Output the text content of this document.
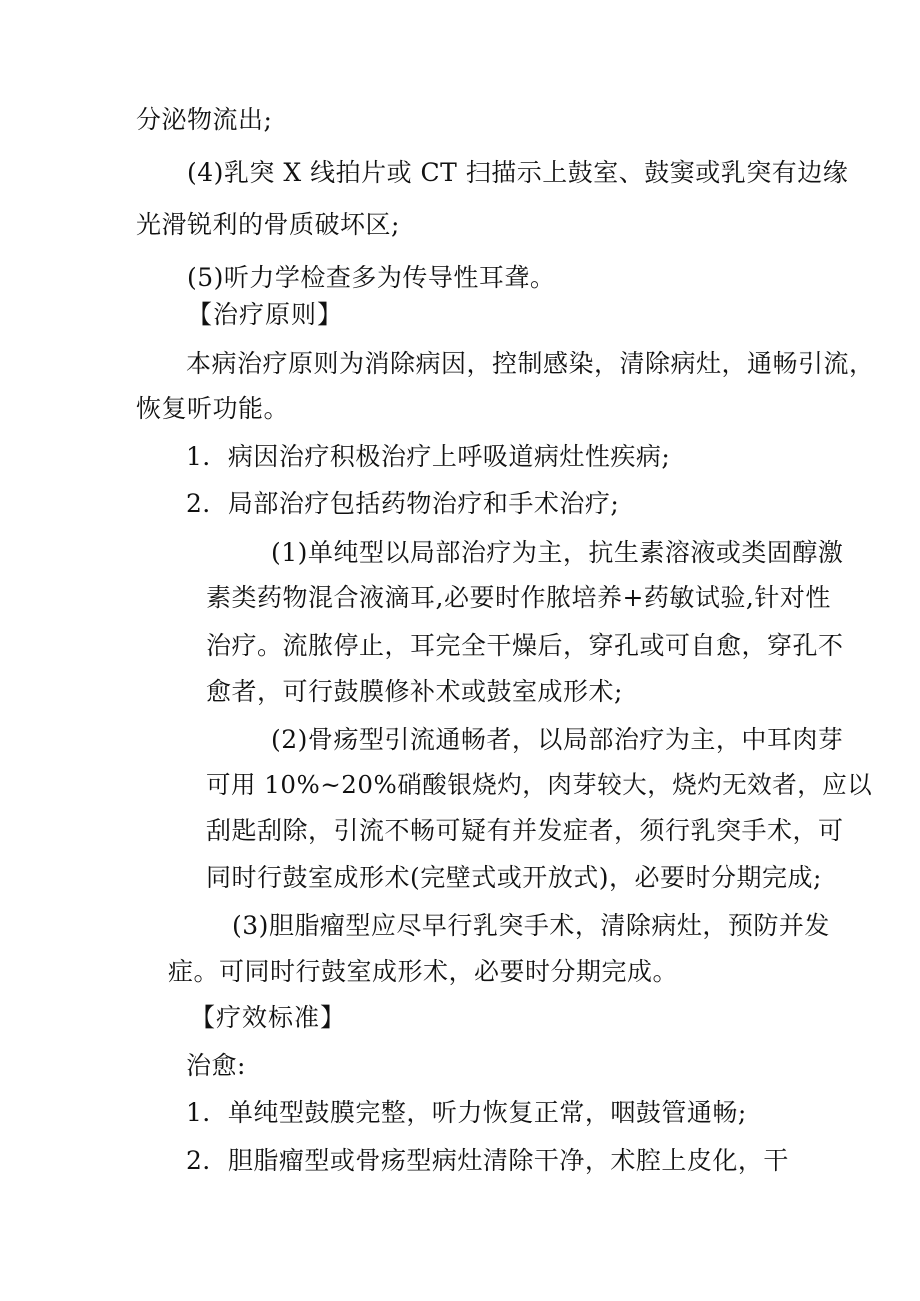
分泌物流出;
(4)乳突 X 线拍片或 CT 扫描示上鼓室、鼓窦或乳突有边缘
光滑锐利的骨质破坏区;
(5)听力学检查多为传导性耳聋。
【治疗原则】
本病治疗原则为消除病因，控制感染，清除病灶，通畅引流，
恢复听功能。
1．病因治疗积极治疗上呼吸道病灶性疾病;
2．局部治疗包括药物治疗和手术治疗;
(1)单纯型以局部治疗为主，抗生素溶液或类固醇激
素类药物混合液滴耳,必要时作脓培养+药敏试验,针对性
治疗。流脓停止，耳完全干燥后，穿孔或可自愈，穿孔不
愈者，可行鼓膜修补术或鼓室成形术;
(2)骨疡型引流通畅者，以局部治疗为主，中耳肉芽
可用 10%~20%硝酸银烧灼，肉芽较大，烧灼无效者，应以
刮匙刮除，引流不畅可疑有并发症者，须行乳突手术，可
同时行鼓室成形术(完壁式或开放式)，必要时分期完成;
(3)胆脂瘤型应尽早行乳突手术，清除病灶，预防并发
症。可同时行鼓室成形术，必要时分期完成。
【疗效标准】
治愈:
1．单纯型鼓膜完整，听力恢复正常，咽鼓管通畅;
2．胆脂瘤型或骨疡型病灶清除干净，术腔上皮化，干
